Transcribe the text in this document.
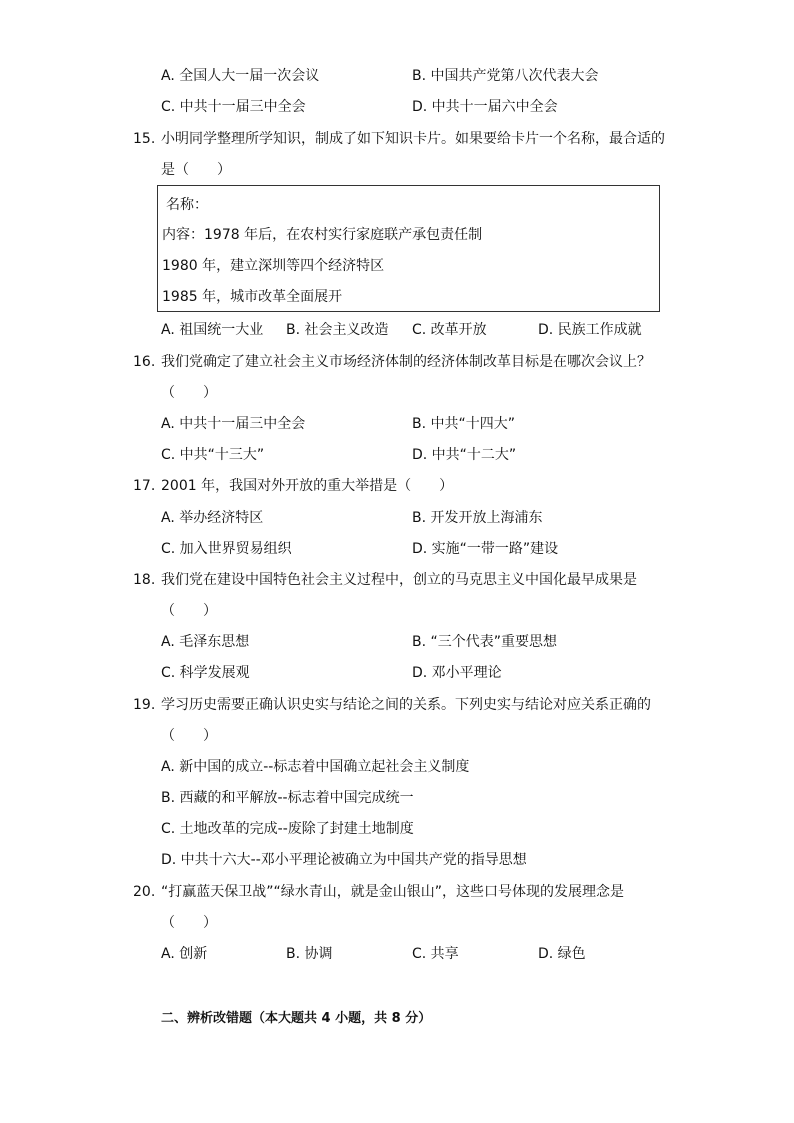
A. 全国人大一届一次会议	B. 中国共产党第八次代表大会
C. 中共十一届三中全会	D. 中共十一届六中全会
15. 小明同学整理所学知识，制成了如下知识卡片。如果要给卡片一个名称，最合适的
是（　　）
名称：
内容：1978 年后，在农村实行家庭联产承包责任制
1980 年，建立深圳等四个经济特区
1985 年，城市改革全面展开
A. 祖国统一大业 B. 社会主义改造 C. 改革开放	D. 民族工作成就
16. 我们党确定了建立社会主义市场经济体制的经济体制改革目标是在哪次会议上？
（　　）
A. 中共十一届三中全会	B. 中共“十四大”
C. 中共“十三大”	D. 中共“十二大”
17. 2001 年，我国对外开放的重大举措是（　　）
A. 举办经济特区	B. 开发开放上海浦东
C. 加入世界贸易组织	D. 实施“一带一路”建设
18. 我们党在建设中国特色社会主义过程中，创立的马克思主义中国化最早成果是
（　　）
A. 毛泽东思想	B. “三个代表”重要思想
C. 科学发展观	D. 邓小平理论
19. 学习历史需要正确认识史实与结论之间的关系。下列史实与结论对应关系正确的
（　　）
A. 新中国的成立--标志着中国确立起社会主义制度
B. 西藏的和平解放--标志着中国完成统一
C. 土地改革的完成--废除了封建土地制度
D. 中共十六大--邓小平理论被确立为中国共产党的指导思想
20. “打赢蓝天保卫战”“绿水青山，就是金山银山”，这些口号体现的发展理念是
（　　）
A. 创新	B. 协调	C. 共享	D. 绿色
二、辨析改错题（本大题共 4 小题，共 8 分）
